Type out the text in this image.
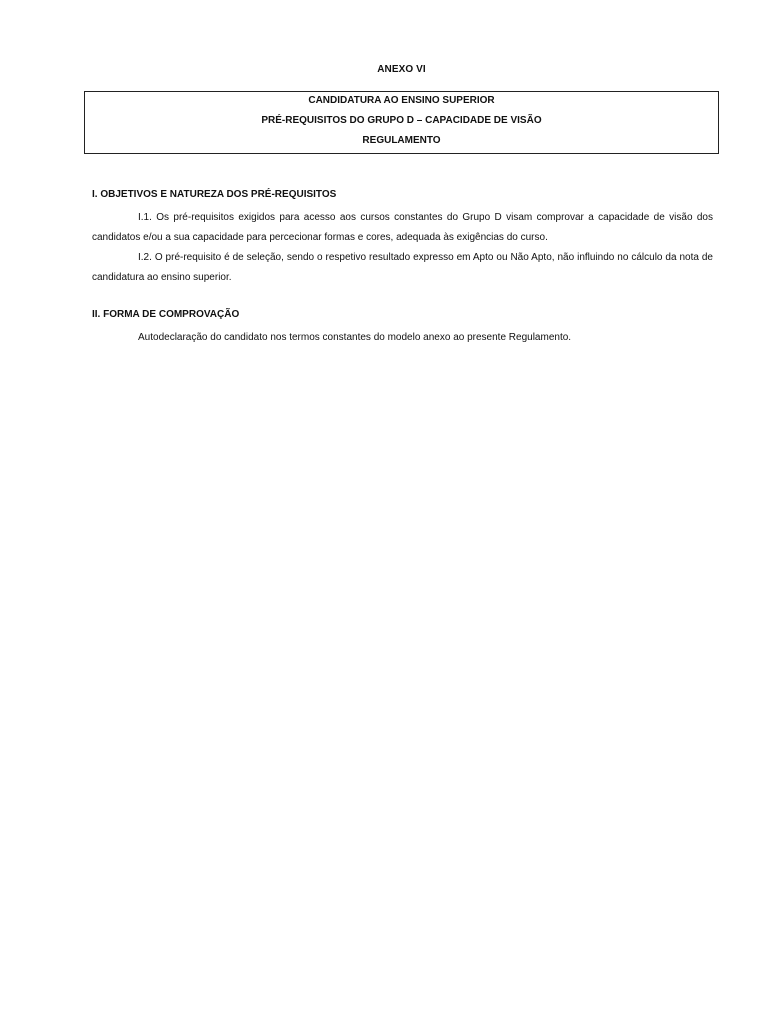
ANEXO VI
CANDIDATURA AO ENSINO SUPERIOR
PRÉ-REQUISITOS DO GRUPO D – CAPACIDADE DE VISÃO
REGULAMENTO
I. OBJETIVOS E NATUREZA DOS PRÉ-REQUISITOS
I.1. Os pré-requisitos exigidos para acesso aos cursos constantes do Grupo D visam comprovar a capacidade de visão dos candidatos e/ou a sua capacidade para percecionar formas e cores, adequada às exigências do curso.
I.2. O pré-requisito é de seleção, sendo o respetivo resultado expresso em Apto ou Não Apto, não influindo no cálculo da nota de candidatura ao ensino superior.
II. FORMA DE COMPROVAÇÃO
Autodeclaração do candidato nos termos constantes do modelo anexo ao presente Regulamento.
